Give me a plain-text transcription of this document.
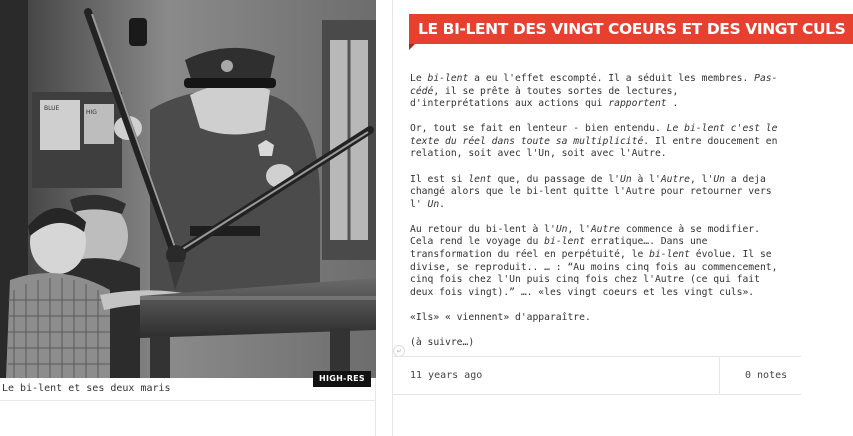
BLUE
HIG
HIGH-RES
Le bi-lent et ses deux maris
LE BI-LENT DES VINGT COEURS ET DES VINGT CULS

Le bi-lent a eu l'effet escompté. Il a séduit les membres. Pas-cédé, il se prête à toutes sortes de lectures, d'interprétations aux actions qui rapportent .

Or, tout se fait en lenteur - bien entendu. Le bi-lent c'est le texte du réel dans toute sa multiplicité. Il entre doucement en relation, soit avec l'Un, soit avec l'Autre.

Il est si lent que, du passage de l'Un à l'Autre, l'Un a deja changé alors que le bi-lent quitte l'Autre pour retourner vers l' Un.

Au retour du bi-lent à l'Un, l'Autre commence à se modifier. Cela rend le voyage du bi-lent erratique…. Dans une transformation du réel en perpétuité, le bi-lent évolue. Il se divise, se reproduit.. … : “Au moins cinq fois au commencement, cinq fois chez l'Un puis cinq fois chez l'Autre (ce qui fait deux fois vingt).” …. «les vingt coeurs et les vingt culs».

«Ils» « viennent» d'apparaître.

(à suivre…)

↩
11 years ago	0 notes
